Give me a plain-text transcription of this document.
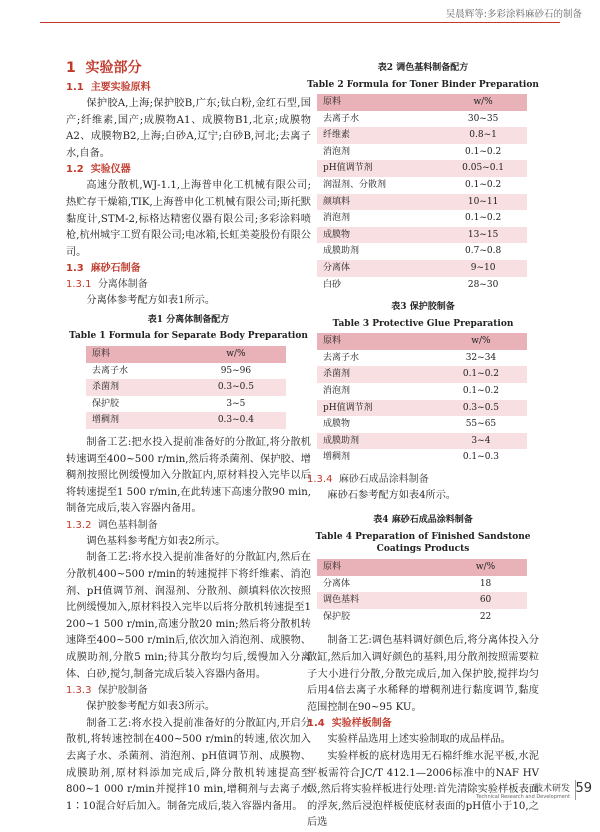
吴晨辉等:多彩涂料麻砂石的制备
1 实验部分
1.1 主要实验原料

保护胶A,上海;保护胶B,广东;钛白粉,金红石型,国产;纤维素,国产;成膜物A1、成膜物B1,北京;成膜物A2、成膜物B2,上海;白砂A,辽宁;白砂B,河北;去离子水,自备。

1.2 实验仪器

高速分散机,WJ-1.1,上海普申化工机械有限公司;热贮存干燥箱,TIK,上海普申化工机械有限公司;斯托默黏度计,STM-2,标格达精密仪器有限公司;多彩涂料喷枪,杭州城宇工贸有限公司;电冰箱,长虹美菱股份有限公司。

1.3 麻砂石制备
1.3.1 分离体制备

分离体参考配方如表1所示。

表1 分离体制备配方
Table 1 Formula for Separate Body Preparation
原料	w/%
去离子水	95~96
杀菌剂	0.3~0.5
保护胶	3~5
增稠剂	0.3~0.4

制备工艺:把水投入提前准备好的分散缸,将分散机转速调至400~500 r/min,然后将杀菌剂、保护胶、增稠剂按照比例缓慢加入分散缸内,原材料投入完毕以后将转速提至1 500 r/min,在此转速下高速分散90 min,制备完成后,装入容器内备用。

1.3.2 调色基料制备

调色基料参考配方如表2所示。

制备工艺:将水投入提前准备好的分散缸内,然后在分散机400~500 r/min的转速搅拌下将纤维素、消泡剂、pH值调节剂、润湿剂、分散剂、颜填料依次按照比例缓慢加入,原材料投入完毕以后将分散机转速提至1 200~1 500 r/min,高速分散20 min;然后将分散机转速降至400~500 r/min后,依次加入消泡剂、成膜物、成膜助剂,分散5 min;待其分散均匀后,缓慢加入分离体、白砂,搅匀,制备完成后装入容器内备用。

1.3.3 保护胶制备

保护胶参考配方如表3所示。

制备工艺:将水投入提前准备好的分散缸内,开启分散机,将转速控制在400~500 r/min的转速,依次加入去离子水、杀菌剂、消泡剂、pH值调节剂、成膜物、成膜助剂,原材料添加完成后,降分散机转速提高至800~1 000 r/min并搅拌10 min,增稠剂与去离子水1∶10混合好后加入。制备完成后,装入容器内备用。

表2 调色基料制备配方
Table 2 Formula for Toner Binder Preparation
原料	w/%
去离子水	30~35
纤维素	0.8~1
消泡剂	0.1~0.2
pH值调节剂	0.05~0.1
润湿剂、分散剂	0.1~0.2
颜填料	10~11
消泡剂	0.1~0.2
成膜物	13~15
成膜助剂	0.7~0.8
分离体	9~10
白砂	28~30
表3 保护胶制备
Table 3 Protective Glue Preparation
原料	w/%
去离子水	32~34
杀菌剂	0.1~0.2
消泡剂	0.1~0.2
pH值调节剂	0.3~0.5
成膜物	55~65
成膜助剂	3~4
增稠剂	0.1~0.3
1.3.4 麻砂石成品涂料制备

麻砂石参考配方如表4所示。

表4 麻砂石成品涂料制备
Table 4 Preparation of Finished Sandstone Coatings Products
原料	w/%
分离体	18
调色基料	60
保护胶	22

制备工艺:调色基料调好颜色后,将分离体投入分散缸,然后加入调好颜色的基料,用分散剂按照需要粒子大小进行分散,分散完成后,加入保护胶,搅拌均匀后用4倍去离子水稀释的增稠剂进行黏度调节,黏度范围控制在90~95 KU。

1.4 实验样板制备

实验样品选用上述实验制取的成品样品。

实验样板的底材选用无石棉纤维水泥平板,水泥平板需符合JC/T 412.1—2006标准中的NAF HV级,然后将实验样板进行处理:首先清除实验样板表面的浮灰,然后浸泡样板使底材表面的pH值小于10,之后选

技术研发
Technical Research and Development
59
